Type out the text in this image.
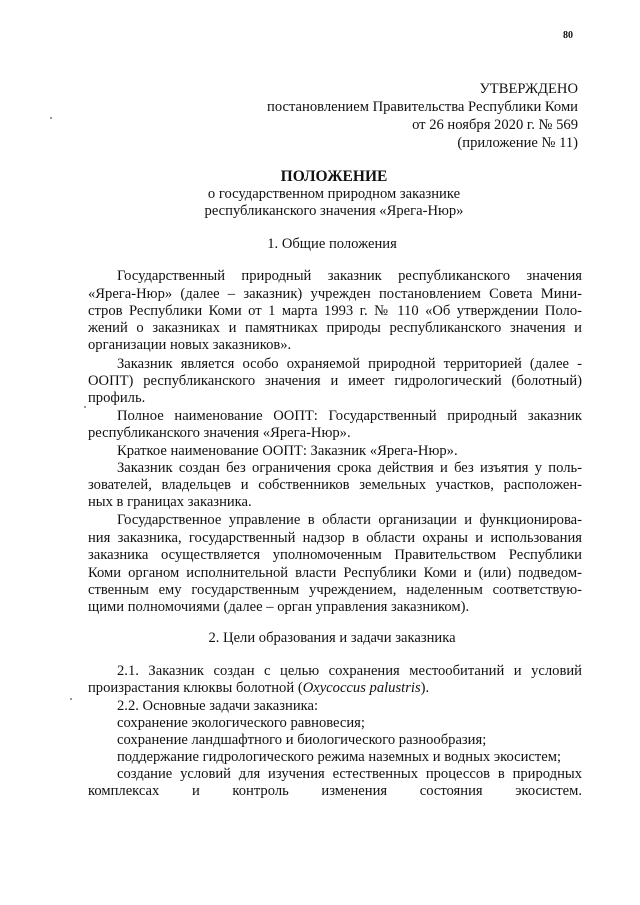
80
УТВЕРЖДЕНО
постановлением Правительства Республики Коми
от 26 ноября 2020 г. № 569
(приложение № 11)
ПОЛОЖЕНИЕ
о государственном природном заказнике
республиканского значения «Ярега-Нюр»
1. Общие положения
Государственный природный заказник республиканского значения
«Ярега-Нюр» (далее – заказник) учрежден постановлением Совета Мини-
стров Республики Коми от 1 марта 1993 г. № 110 «Об утверждении Поло-
жений о заказниках и памятниках природы республиканского значения и
организации новых заказников».
Заказник является особо охраняемой природной территорией (далее -
ООПТ) республиканского значения и имеет гидрологический (болотный)
профиль.
Полное наименование ООПТ: Государственный природный заказник
республиканского значения «Ярега-Нюр».
Краткое наименование ООПТ: Заказник «Ярега-Нюр».
Заказник создан без ограничения срока действия и без изъятия у поль-
зователей, владельцев и собственников земельных участков, расположен-
ных в границах заказника.
Государственное управление в области организации и функционирова-
ния заказника, государственный надзор в области охраны и использования
заказника осуществляется уполномоченным Правительством Республики
Коми органом исполнительной власти Республики Коми и (или) подведом-
ственным ему государственным учреждением, наделенным соответствую-
щими полномочиями (далее – орган управления заказником).
2. Цели образования и задачи заказника
2.1. Заказник создан с целью сохранения местообитаний и условий
произрастания клюквы болотной (Oxycoccus palustris).
2.2. Основные задачи заказника:
сохранение экологического равновесия;
сохранение ландшафтного и биологического разнообразия;
поддержание гидрологического режима наземных и водных экосистем;
создание условий для изучения естественных процессов в природных
комплексах и контроль изменения состояния экосистем.
